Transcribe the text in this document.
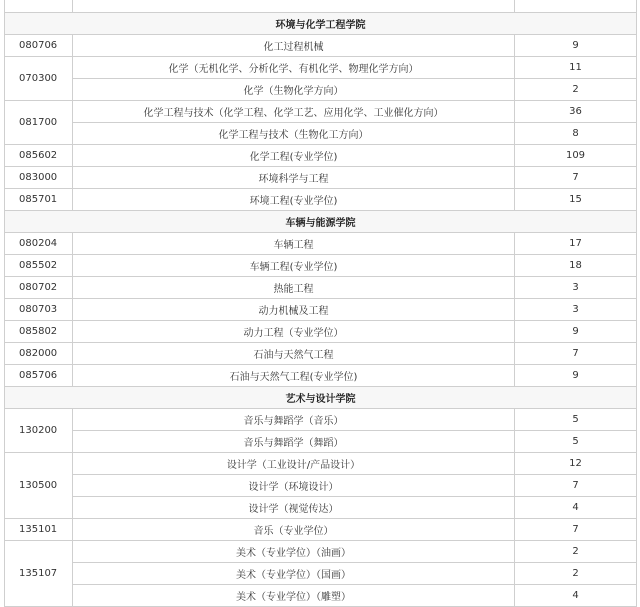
环境与化学工程学院		
080706	化工过程机械	9
070300	化学（无机化学、分析化学、有机化学、物理化学方向）	11
	化学（生物化学方向）	2
081700	化学工程与技术（化学工程、化学工艺、应用化学、工业催化方向）	36
	化学工程与技术（生物化工方向）	8
085602	化学工程(专业学位)	109
083000	环境科学与工程	7
085701	环境工程(专业学位)	15
车辆与能源学院		
080204	车辆工程	17
085502	车辆工程(专业学位)	18
080702	热能工程	3
080703	动力机械及工程	3
085802	动力工程（专业学位）	9
082000	石油与天然气工程	7
085706	石油与天然气工程(专业学位)	9
艺术与设计学院		
130200	音乐与舞蹈学（音乐）	5
	音乐与舞蹈学（舞蹈）	5
130500	设计学（工业设计/产品设计）	12
	设计学（环境设计）	7
	设计学（视觉传达）	4
135101	音乐（专业学位）	7
135107	美术（专业学位）（油画）	2
	美术（专业学位）（国画）	2
	美术（专业学位）（雕塑）	4
